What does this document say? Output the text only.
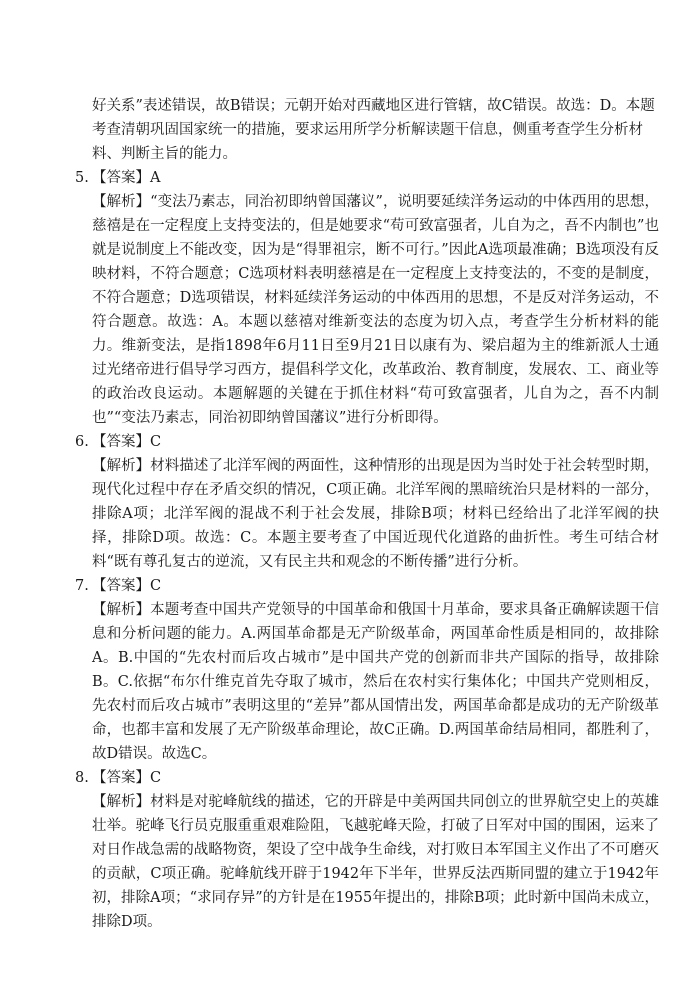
好关系”表述错误，故B错误；元朝开始对西藏地区进行管辖，故C错误。故选：D。本题考查清朝巩固国家统一的措施，要求运用所学分析解读题干信息，侧重考查学生分析材料、判断主旨的能力。

5. 【答案】A

【解析】“变法乃素志，同治初即纳曾国藩议”，说明要延续洋务运动的中体西用的思想，慈禧是在一定程度上支持变法的，但是她要求“苟可致富强者，儿自为之，吾不内制也”也就是说制度上不能改变，因为是“得罪祖宗，断不可行。”因此A选项最准确；B选项没有反映材料，不符合题意；C选项材料表明慈禧是在一定程度上支持变法的，不变的是制度，不符合题意；D选项错误，材料延续洋务运动的中体西用的思想，不是反对洋务运动，不符合题意。故选：A。本题以慈禧对维新变法的态度为切入点，考查学生分析材料的能力。维新变法，是指1898年6月11日至9月21日以康有为、梁启超为主的维新派人士通过光绪帝进行倡导学习西方，提倡科学文化，改革政治、教育制度，发展农、工、商业等的政治改良运动。本题解题的关键在于抓住材料“苟可致富强者，儿自为之，吾不内制也”“变法乃素志，同治初即纳曾国藩议”进行分析即得。

6. 【答案】C

【解析】材料描述了北洋军阀的两面性，这种情形的出现是因为当时处于社会转型时期，现代化过程中存在矛盾交织的情况，C项正确。北洋军阀的黑暗统治只是材料的一部分，排除A项；北洋军阀的混战不利于社会发展，排除B项；材料已经给出了北洋军阀的抉择，排除D项。故选：C。本题主要考查了中国近现代化道路的曲折性。考生可结合材料“既有尊孔复古的逆流，又有民主共和观念的不断传播”进行分析。

7. 【答案】C

【解析】本题考查中国共产党领导的中国革命和俄国十月革命，要求具备正确解读题干信息和分析问题的能力。A.两国革命都是无产阶级革命，两国革命性质是相同的，故排除A。B.中国的“先农村而后攻占城市”是中国共产党的创新而非共产国际的指导，故排除B。C.依据“布尔什维克首先夺取了城市，然后在农村实行集体化；中国共产党则相反，先农村而后攻占城市”表明这里的“差异”都从国情出发，两国革命都是成功的无产阶级革命，也都丰富和发展了无产阶级革命理论，故C正确。D.两国革命结局相同，都胜利了，故D错误。故选C。

8. 【答案】C

【解析】材料是对驼峰航线的描述，它的开辟是中美两国共同创立的世界航空史上的英雄壮举。驼峰飞行员克服重重艰难险阻，飞越驼峰天险，打破了日军对中国的围困，运来了对日作战急需的战略物资，架设了空中战争生命线，对打败日本军国主义作出了不可磨灭的贡献，C项正确。驼峰航线开辟于1942年下半年，世界反法西斯同盟的建立于1942年初，排除A项；“求同存异”的方针是在1955年提出的，排除B项；此时新中国尚未成立，排除D项。
